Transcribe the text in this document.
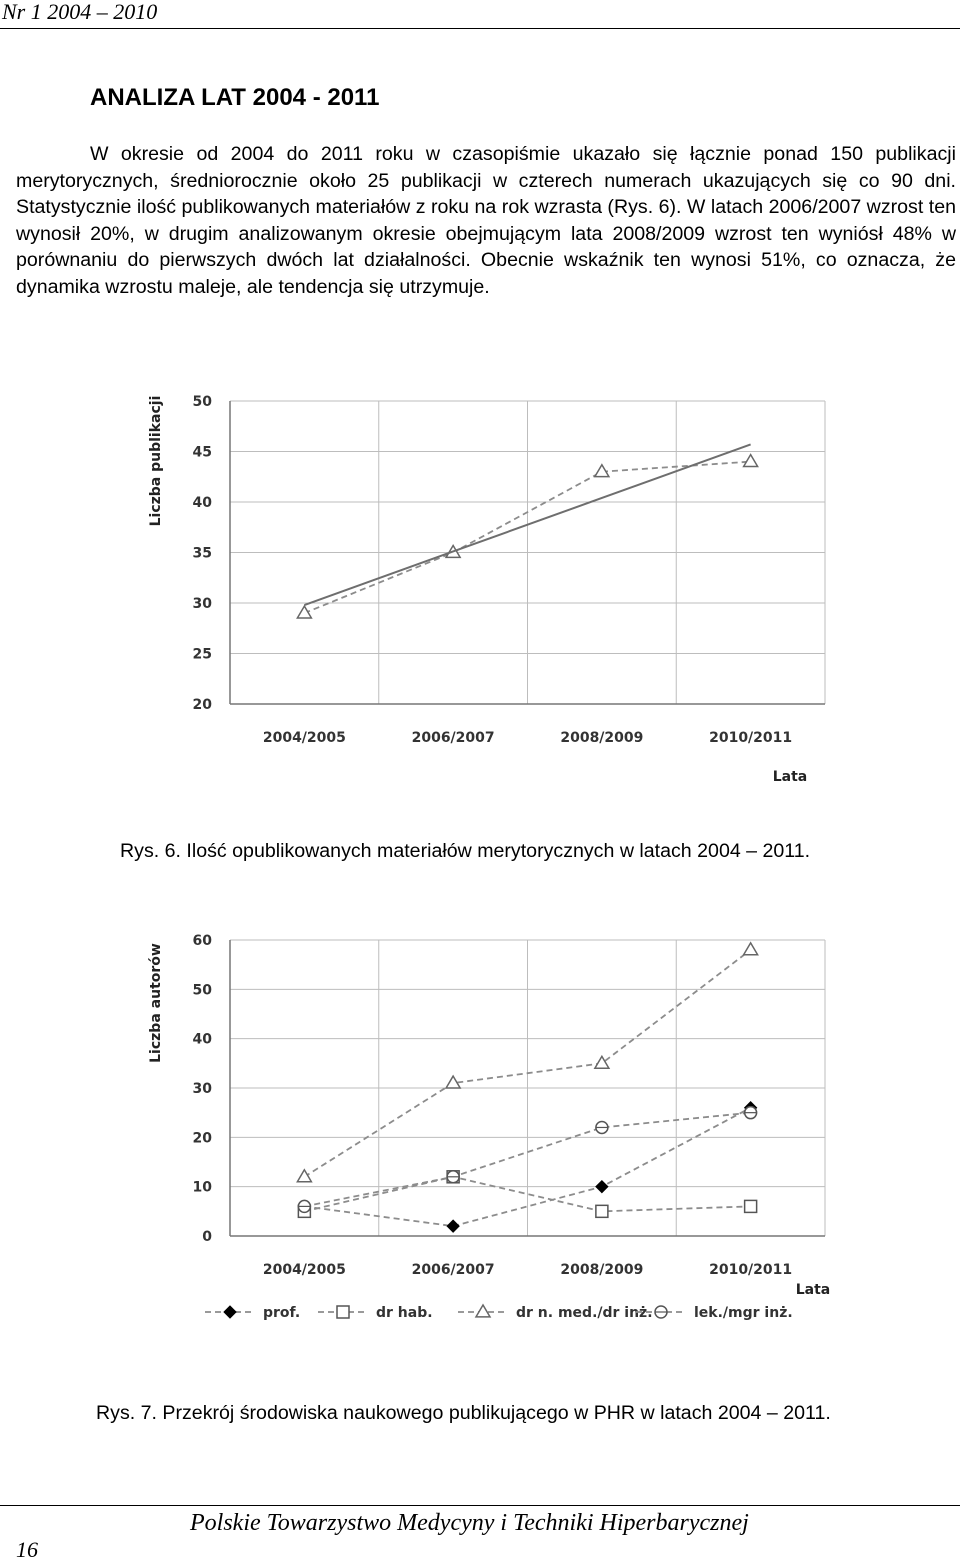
Nr 1 2004 – 2010
ANALIZA LAT 2004 - 2011
W okresie od 2004 do 2011 roku w czasopiśmie ukazało się łącznie ponad 150 publikacji merytorycznych, średniorocznie około 25 publikacji w czterech numerach ukazujących się co 90 dni. Statystycznie ilość publikowanych materiałów z roku na rok wzrasta (Rys. 6). W latach 2006/2007 wzrost ten wynosił 20%, w drugim analizowanym okresie obejmującym lata 2008/2009 wzrost ten wyniósł 48% w porównaniu do pierwszych dwóch lat działalności. Obecnie wskaźnik ten wynosi 51%, co oznacza, że dynamika wzrostu maleje, ale tendencja się utrzymuje.
20
25
30
35
40
45
50
2004/2005	2006/2007	2008/2009	2010/2011
Lata
Liczba publikacji
Rys. 6. Ilość opublikowanych materiałów merytorycznych w latach 2004 – 2011.
0
10
20
30
40
50
60
2004/2005	2006/2007	2008/2009	2010/2011
Lata
Liczba autorów
prof.	dr hab.	dr n. med./dr inż.	lek./mgr inż.
Rys. 7. Przekrój środowiska naukowego publikującego w PHR w latach 2004 – 2011.
Polskie Towarzystwo Medycyny i Techniki Hiperbarycznej
16
